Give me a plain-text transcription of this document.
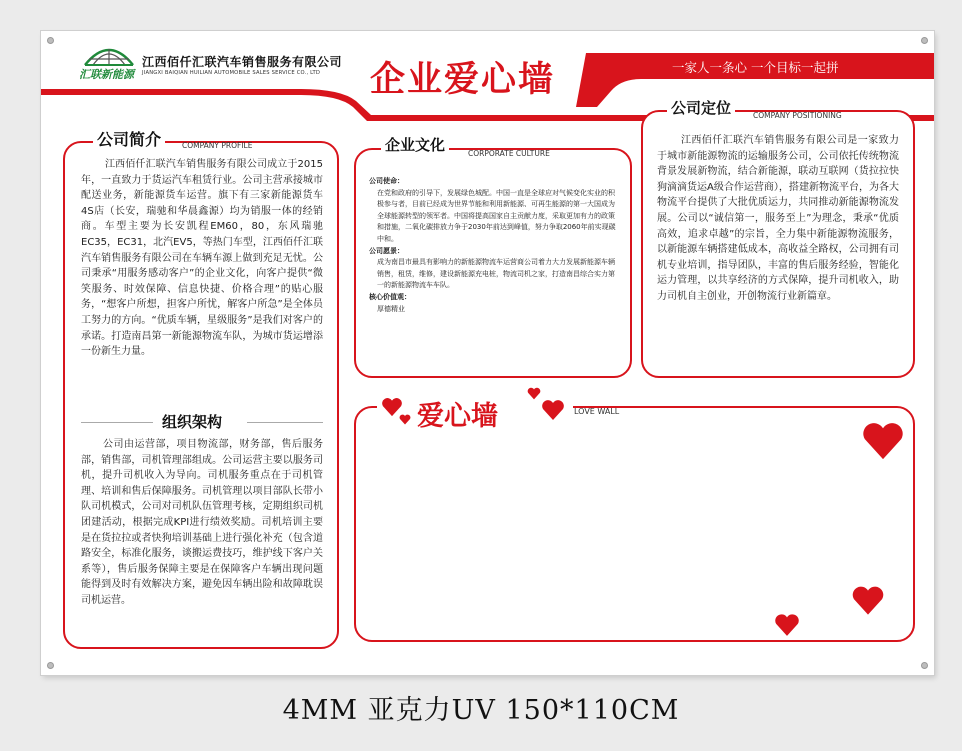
汇联新能源
江西佰仟汇联汽车销售服务有限公司
JIANGXI BAIQIAN HUILIAN AUTOMOBILE SALES SERVICE CO., LTD 企业爱心墙	一家人一条心 一个目标一起拼
公司简介	COMPANY PROFILE
江西佰仟汇联汽车销售服务有限公司成立于2015年，一直致力于货运汽车租赁行业。公司主营承接城市配送业务，新能源货车运营。旗下有三家新能源货车4S店（长安，瑞驰和华晨鑫源）均为销服一体的经销商。车型主要为长安凯程EM60，80，东风瑞驰EC35，EC31，北汽EV5，等热门车型，江西佰仟汇联汽车销售服务有限公司在车辆车源上做到充足无忧。公司秉承“用服务感动客户”的企业文化，向客户提供“微笑服务、时效保障、信息快捷、价格合理”的贴心服务，“想客户所想，担客户所忧，解客户所急”是全体员工努力的方向。“优质车辆，星级服务”是我们对客户的承诺。打造南昌第一新能源物流车队，为城市货运增添一份新生力量。
组织架构
公司由运营部，项目物流部，财务部，售后服务部，销售部，司机管理部组成。公司运营主要以服务司机，提升司机收入为导向。司机服务重点在于司机管理、培训和售后保障服务。司机管理以项目部队长带小队司机模式，公司对司机队伍管理考核，定期组织司机团建活动，根据完成KPI进行绩效奖励。司机培训主要是在货拉拉或者快狗培训基础上进行强化补充（包含道路安全，标准化服务，谈搬运费技巧，维护线下客户关系等），售后服务保障主要是在保障客户车辆出现问题能得到及时有效解决方案，避免因车辆出险和故障耽误司机运营。
企业文化	CORPORATE CULTURE
公司使命：
在党和政府的引导下，发展绿色城配。中国一直是全球应对气候变化实业的积极参与者，目前已经成为世界节能和利用新能源、可再生能源的第一大国成为全球能源转型的领军者。中国将提高国家自主贡献力度，采取更加有力的政策和措施，二氧化碳排放力争于2030年前达到峰值，努力争取2060年前实现碳中和。
公司愿景：
成为南昌市最具有影响力的新能源物流车运营商公司着力大力发展新能源车辆销售，租赁，维修，建设新能源充电桩，物流司机之家，打造南昌综合实力第一的新能源物流车车队。
核心价值观：
厚德精业
公司定位	COMPANY POSITIONING
江西佰仟汇联汽车销售服务有限公司是一家致力于城市新能源物流的运输服务公司，公司依托传统物流背景发展新物流，结合新能源，联动互联网（货拉拉快狗滴滴货运A级合作运营商），搭建新物流平台，为各大物流平台提供了大批优质运力，共同推动新能源物流发展。公司以“诚信第一，服务至上”为理念，秉承“优质高效，追求卓越”的宗旨，全力集中新能源物流服务，以新能源车辆搭建低成本，高收益全路权，公司拥有司机专业培训，指导团队，丰富的售后服务经验，智能化运力管理，以共享经济的方式保障，提升司机收入，助力司机自主创业，开创物流行业新篇章。
爱心墙	LOVE WALL
4MM 亚克力UV 150*110CM
